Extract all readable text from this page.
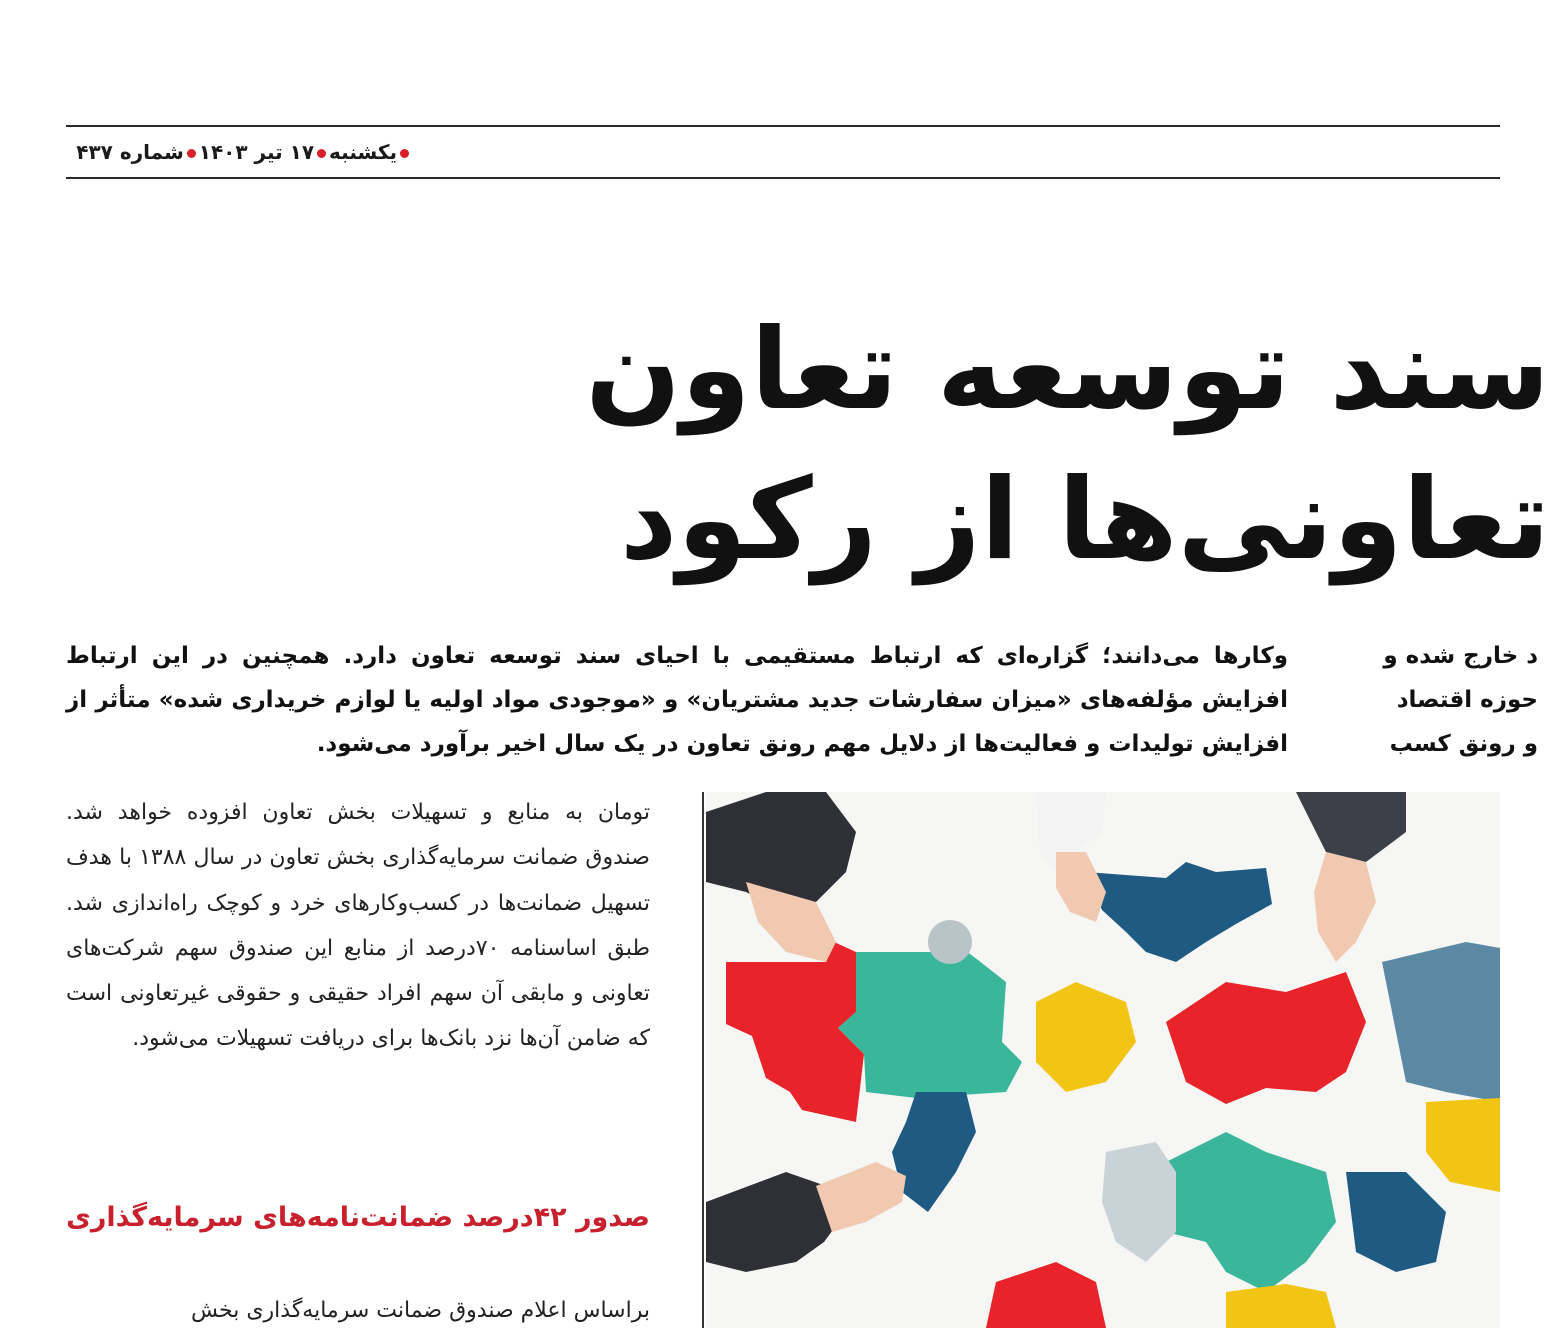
یکشنبه۱۷ تیر ۱۴۰۳شماره ۴۳۷
سند توسعه تعاون
تعاونی‌ها از رکود
وکارها می‌دانند؛ گزاره‌ای که ارتباط مستقیمی با احیای سند توسعه تعاون دارد. همچنین در این ارتباط افزایش مؤلفه‌های «میزان سفارشات جدید مشتریان» و «موجودی مواد اولیه یا لوازم خریداری شده» متأثر از افزایش تولیدات و فعالیت‌ها از دلایل مهم رونق تعاون در یک سال اخیر برآورد می‌شود.
د خارج شده و
حوزه اقتصاد
و رونق کسب
تومان به منابع و تسهیلات بخش تعاون افزوده خواهد شد. صندوق ضمانت سرمایه‌گذاری بخش تعاون در سال ۱۳۸۸ با هدف تسهیل ضمانت‌ها در کسب‌وکارهای خرد و کوچک راه‌اندازی شد. طبق اساسنامه ۷۰درصد از منابع این صندوق سهم شرکت‌های تعاونی و مابقی آن سهم افراد حقیقی و حقوقی غیرتعاونی است که ضامن آن‌ها نزد بانک‌ها برای دریافت تسهیلات می‌شود.
صدور ۴۲درصد ضمانت‌نامه‌های سرمایه‌گذاری
براساس اعلام صندوق ضمانت سرمایه‌گذاری بخش
